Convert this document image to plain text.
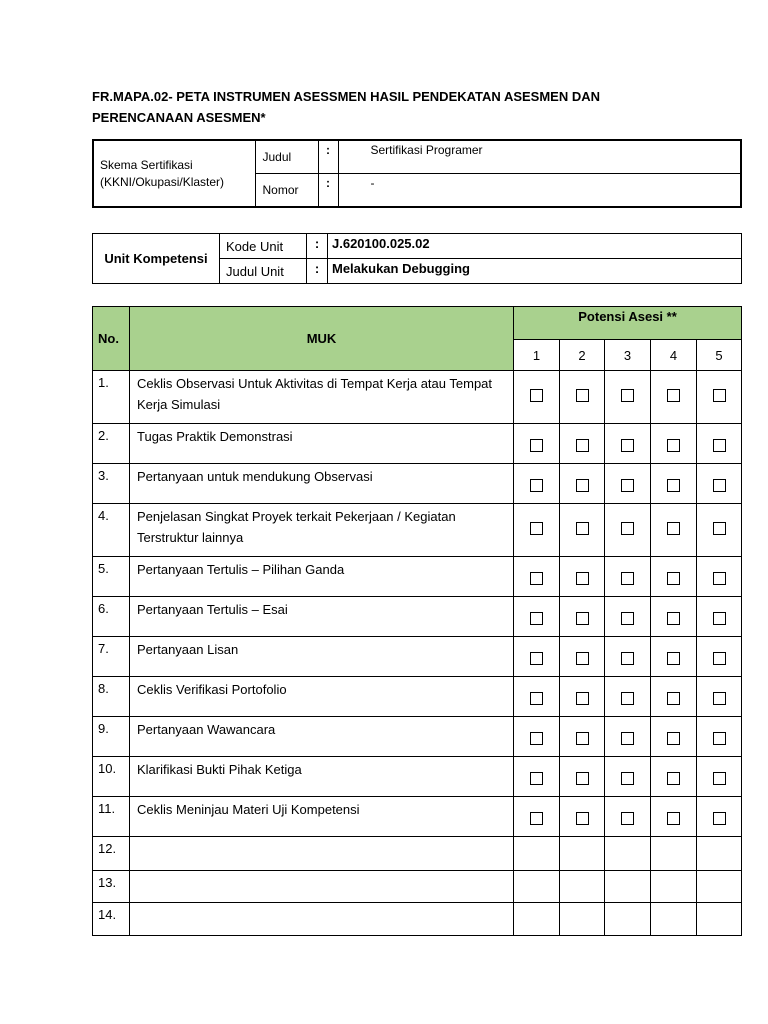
FR.MAPA.02- PETA INSTRUMEN ASESSMEN HASIL PENDEKATAN ASESMEN DAN PERENCANAAN ASESMEN*
Skema Sertifikasi (KKNI/Okupasi/Klaster)	Judul	:	Sertifikasi Programer
	Nomor	:	-
Unit Kompetensi	Kode Unit	:	J.620100.025.02
	Judul Unit	:	Melakukan Debugging
No.	MUK	Potensi Asesi **				
		1	2	3	4	5
1.	Ceklis Observasi Untuk Aktivitas di Tempat Kerja atau Tempat Kerja Simulasi					
2.	Tugas Praktik Demonstrasi					
3.	Pertanyaan untuk mendukung Observasi					
4.	Penjelasan Singkat Proyek terkait Pekerjaan / Kegiatan Terstruktur lainnya					
5.	Pertanyaan Tertulis – Pilihan Ganda					
6.	Pertanyaan Tertulis – Esai					
7.	Pertanyaan Lisan					
8.	Ceklis Verifikasi Portofolio					
9.	Pertanyaan Wawancara					
10.	Klarifikasi Bukti Pihak Ketiga					
11.	Ceklis Meninjau Materi Uji Kompetensi					
12.						
13.						
14.						
